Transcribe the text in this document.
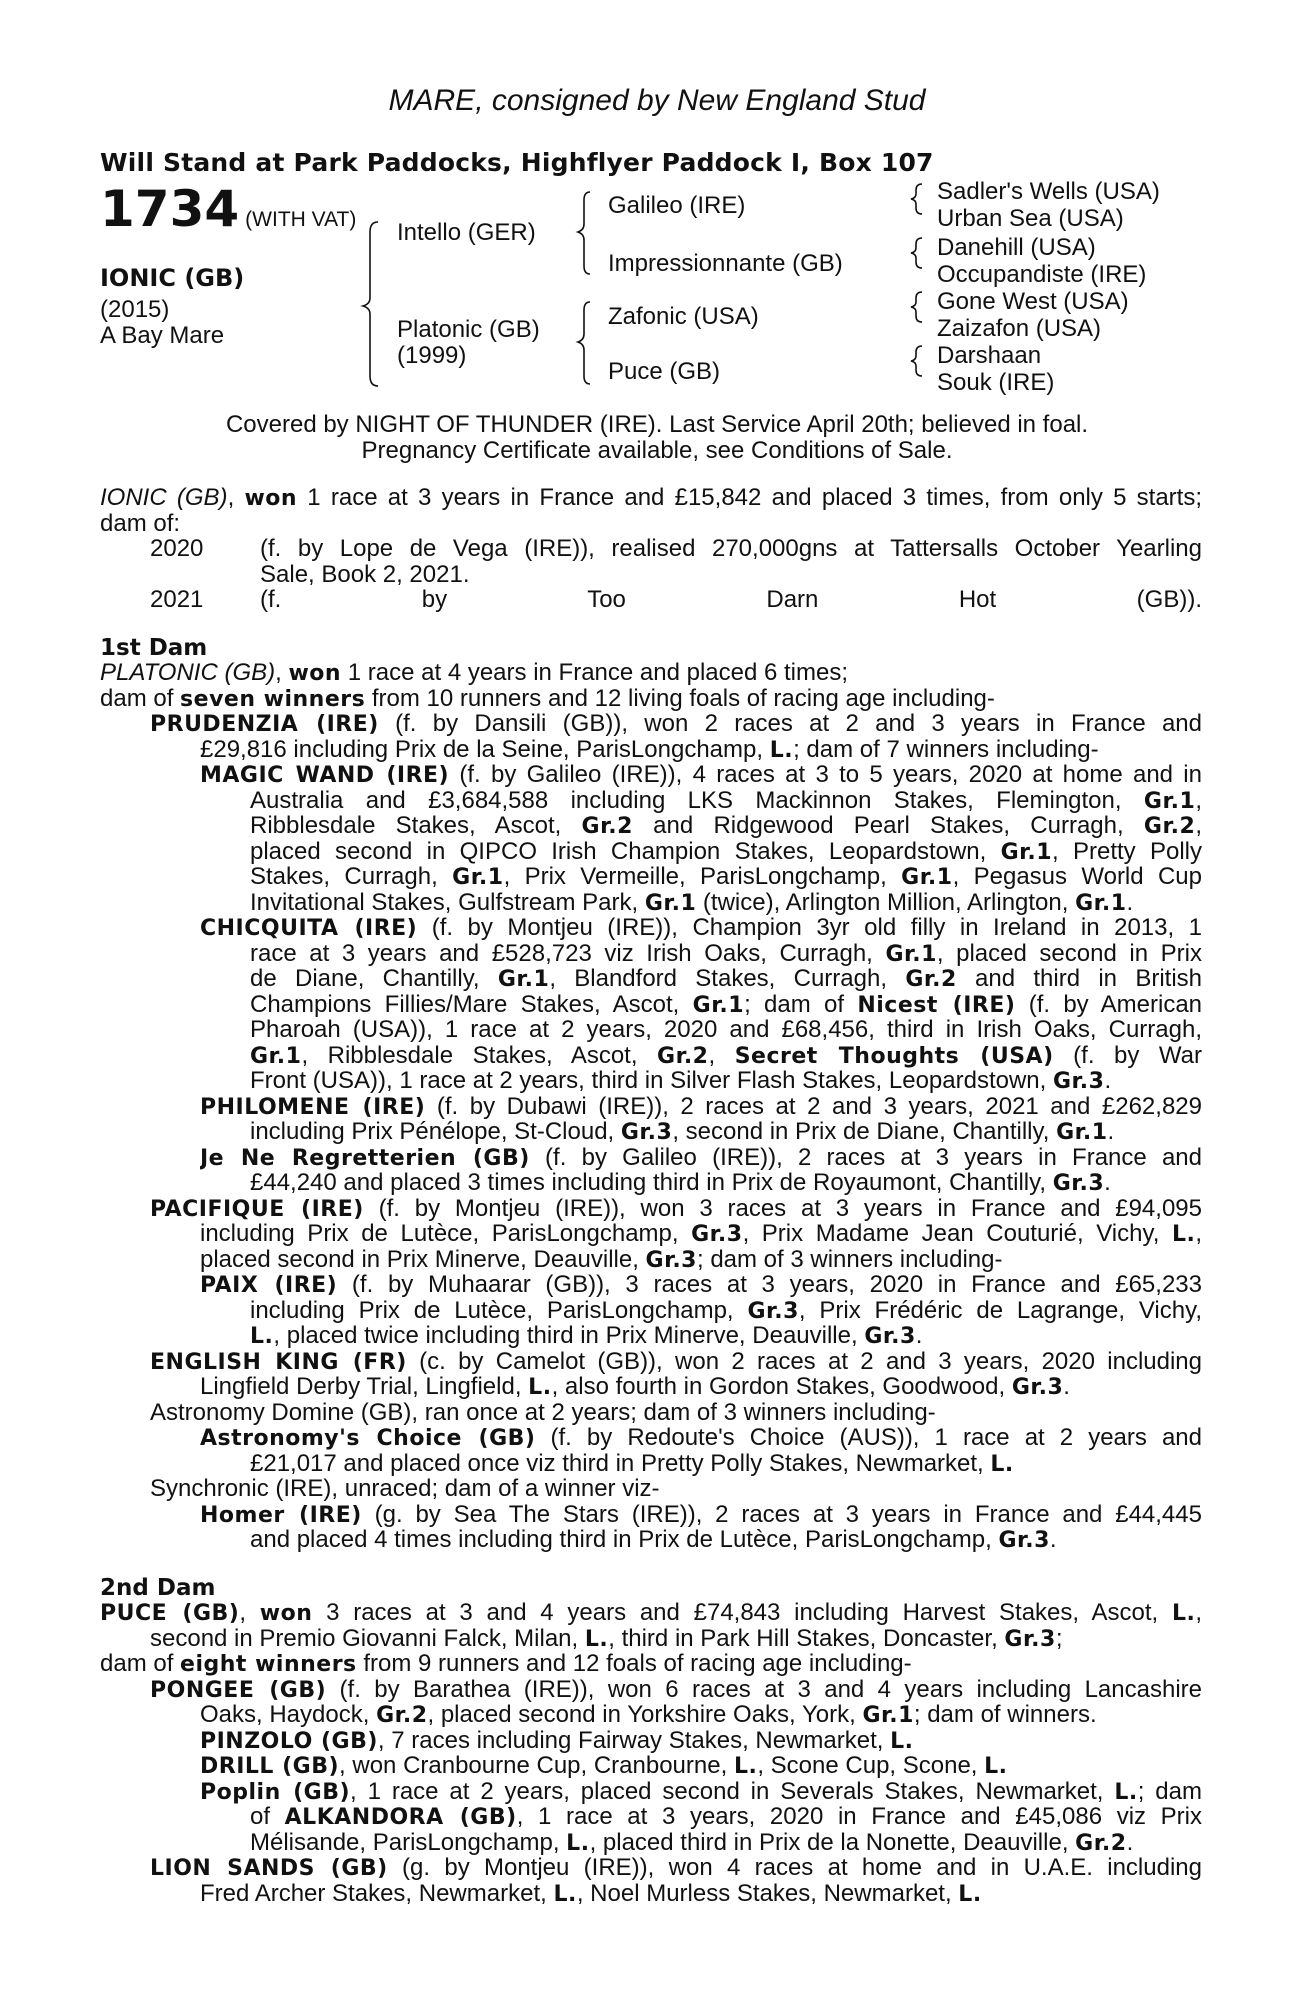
MARE, consigned by New England Stud
Will Stand at Park Paddocks, Highflyer Paddock I, Box 107
1734 (WITH VAT)
IONIC (GB)
(2015)
A Bay Mare
Intello (GER)
Platonic (GB)
(1999)
Galileo (IRE)
Impressionnante (GB)
Zafonic (USA)
Puce (GB)
Sadler's Wells (USA)
Urban Sea (USA)
Danehill (USA)
Occupandiste (IRE)
Gone West (USA)
Zaizafon (USA)
Darshaan
Souk (IRE)
Covered by NIGHT OF THUNDER (IRE). Last Service April 20th; believed in foal.
Pregnancy Certificate available, see Conditions of Sale.
IONIC (GB), won 1 race at 3 years in France and £15,842 and placed 3 times, from only 5 starts;
dam of:
2020 (f. by Lope de Vega (IRE)), realised 270,000gns at Tattersalls October Yearling
Sale, Book 2, 2021.
2021 (f. by Too Darn Hot (GB)).
1st Dam
PLATONIC (GB), won 1 race at 4 years in France and placed 6 times;
dam of seven winners from 10 runners and 12 living foals of racing age including-
PRUDENZIA (IRE) (f. by Dansili (GB)), won 2 races at 2 and 3 years in France and
£29,816 including Prix de la Seine, ParisLongchamp, L.; dam of 7 winners including-
MAGIC WAND (IRE) (f. by Galileo (IRE)), 4 races at 3 to 5 years, 2020 at home and in
Australia and £3,684,588 including LKS Mackinnon Stakes, Flemington, Gr.1,
Ribblesdale Stakes, Ascot, Gr.2 and Ridgewood Pearl Stakes, Curragh, Gr.2,
placed second in QIPCO Irish Champion Stakes, Leopardstown, Gr.1, Pretty Polly
Stakes, Curragh, Gr.1, Prix Vermeille, ParisLongchamp, Gr.1, Pegasus World Cup
Invitational Stakes, Gulfstream Park, Gr.1 (twice), Arlington Million, Arlington, Gr.1.
CHICQUITA (IRE) (f. by Montjeu (IRE)), Champion 3yr old filly in Ireland in 2013, 1
race at 3 years and £528,723 viz Irish Oaks, Curragh, Gr.1, placed second in Prix
de Diane, Chantilly, Gr.1, Blandford Stakes, Curragh, Gr.2 and third in British
Champions Fillies/Mare Stakes, Ascot, Gr.1; dam of Nicest (IRE) (f. by American
Pharoah (USA)), 1 race at 2 years, 2020 and £68,456, third in Irish Oaks, Curragh,
Gr.1, Ribblesdale Stakes, Ascot, Gr.2, Secret Thoughts (USA) (f. by War
Front (USA)), 1 race at 2 years, third in Silver Flash Stakes, Leopardstown, Gr.3.
PHILOMENE (IRE) (f. by Dubawi (IRE)), 2 races at 2 and 3 years, 2021 and £262,829
including Prix Pénélope, St-Cloud, Gr.3, second in Prix de Diane, Chantilly, Gr.1.
Je Ne Regretterien (GB) (f. by Galileo (IRE)), 2 races at 3 years in France and
£44,240 and placed 3 times including third in Prix de Royaumont, Chantilly, Gr.3.
PACIFIQUE (IRE) (f. by Montjeu (IRE)), won 3 races at 3 years in France and £94,095
including Prix de Lutèce, ParisLongchamp, Gr.3, Prix Madame Jean Couturié, Vichy, L.,
placed second in Prix Minerve, Deauville, Gr.3; dam of 3 winners including-
PAIX (IRE) (f. by Muhaarar (GB)), 3 races at 3 years, 2020 in France and £65,233
including Prix de Lutèce, ParisLongchamp, Gr.3, Prix Frédéric de Lagrange, Vichy,
L., placed twice including third in Prix Minerve, Deauville, Gr.3.
ENGLISH KING (FR) (c. by Camelot (GB)), won 2 races at 2 and 3 years, 2020 including
Lingfield Derby Trial, Lingfield, L., also fourth in Gordon Stakes, Goodwood, Gr.3.
Astronomy Domine (GB), ran once at 2 years; dam of 3 winners including-
Astronomy's Choice (GB) (f. by Redoute's Choice (AUS)), 1 race at 2 years and
£21,017 and placed once viz third in Pretty Polly Stakes, Newmarket, L.
Synchronic (IRE), unraced; dam of a winner viz-
Homer (IRE) (g. by Sea The Stars (IRE)), 2 races at 3 years in France and £44,445
and placed 4 times including third in Prix de Lutèce, ParisLongchamp, Gr.3.
2nd Dam
PUCE (GB), won 3 races at 3 and 4 years and £74,843 including Harvest Stakes, Ascot, L.,
second in Premio Giovanni Falck, Milan, L., third in Park Hill Stakes, Doncaster, Gr.3;
dam of eight winners from 9 runners and 12 foals of racing age including-
PONGEE (GB) (f. by Barathea (IRE)), won 6 races at 3 and 4 years including Lancashire
Oaks, Haydock, Gr.2, placed second in Yorkshire Oaks, York, Gr.1; dam of winners.
PINZOLO (GB), 7 races including Fairway Stakes, Newmarket, L.
DRILL (GB), won Cranbourne Cup, Cranbourne, L., Scone Cup, Scone, L.
Poplin (GB), 1 race at 2 years, placed second in Severals Stakes, Newmarket, L.; dam
of ALKANDORA (GB), 1 race at 3 years, 2020 in France and £45,086 viz Prix
Mélisande, ParisLongchamp, L., placed third in Prix de la Nonette, Deauville, Gr.2.
LION SANDS (GB) (g. by Montjeu (IRE)), won 4 races at home and in U.A.E. including
Fred Archer Stakes, Newmarket, L., Noel Murless Stakes, Newmarket, L.
